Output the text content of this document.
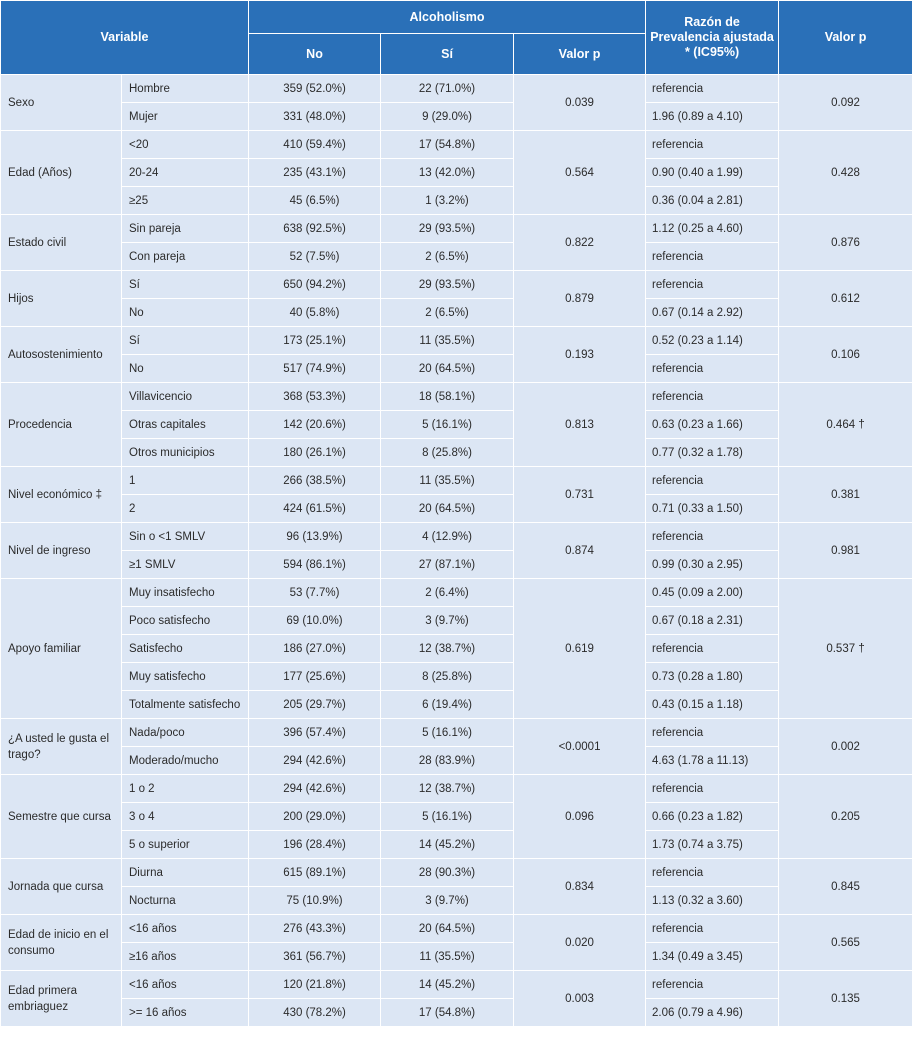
Variable		Alcoholismo			Razón de Prevalencia ajustada * (IC95%)	Valor p
		No	Sí	Valor p		
Sexo	Hombre	359 (52.0%)	22 (71.0%)	0.039	referencia	0.092
	Mujer	331 (48.0%)	9 (29.0%)		1.96 (0.89 a 4.10)	
Edad (Años)	<20	410 (59.4%)	17 (54.8%)	0.564	referencia	0.428
	20-24	235 (43.1%)	13 (42.0%)		0.90 (0.40 a 1.99)	
	≥25	45 (6.5%)	1 (3.2%)		0.36 (0.04 a 2.81)	
Estado civil	Sin pareja	638 (92.5%)	29 (93.5%)	0.822	1.12 (0.25 a 4.60)	0.876
	Con pareja	52 (7.5%)	2 (6.5%)		referencia	
Hijos	Sí	650 (94.2%)	29 (93.5%)	0.879	referencia	0.612
	No	40 (5.8%)	2 (6.5%)		0.67 (0.14 a 2.92)	
Autosostenimiento	Sí	173 (25.1%)	11 (35.5%)	0.193	0.52 (0.23 a 1.14)	0.106
	No	517 (74.9%)	20 (64.5%)		referencia	
Procedencia	Villavicencio	368 (53.3%)	18 (58.1%)	0.813	referencia	0.464 †
	Otras capitales	142 (20.6%)	5 (16.1%)		0.63 (0.23 a 1.66)	
	Otros municipios	180 (26.1%)	8 (25.8%)		0.77 (0.32 a 1.78)	
Nivel económico ‡	1	266 (38.5%)	11 (35.5%)	0.731	referencia	0.381
	2	424 (61.5%)	20 (64.5%)		0.71 (0.33 a 1.50)	
Nivel de ingreso	Sin o <1 SMLV	96 (13.9%)	4 (12.9%)	0.874	referencia	0.981
	≥1 SMLV	594 (86.1%)	27 (87.1%)		0.99 (0.30 a 2.95)	
Apoyo familiar	Muy insatisfecho	53 (7.7%)	2 (6.4%)	0.619	0.45 (0.09 a 2.00)	0.537 †
	Poco satisfecho	69 (10.0%)	3 (9.7%)		0.67 (0.18 a 2.31)	
	Satisfecho	186 (27.0%)	12 (38.7%)		referencia	
	Muy satisfecho	177 (25.6%)	8 (25.8%)		0.73 (0.28 a 1.80)	
	Totalmente satisfecho	205 (29.7%)	6 (19.4%)		0.43 (0.15 a 1.18)	
¿A usted le gusta el trago?	Nada/poco	396 (57.4%)	5 (16.1%)	<0.0001	referencia	0.002
	Moderado/mucho	294 (42.6%)	28 (83.9%)		4.63 (1.78 a 11.13)	
Semestre que cursa	1 o 2	294 (42.6%)	12 (38.7%)	0.096	referencia	0.205
	3 o 4	200 (29.0%)	5 (16.1%)		0.66 (0.23 a 1.82)	
	5 o superior	196 (28.4%)	14 (45.2%)		1.73 (0.74 a 3.75)	
Jornada que cursa	Diurna	615 (89.1%)	28 (90.3%)	0.834	referencia	0.845
	Nocturna	75 (10.9%)	3 (9.7%)		1.13 (0.32 a 3.60)	
Edad de inicio en el consumo	<16 años	276 (43.3%)	20 (64.5%)	0.020	referencia	0.565
	≥16 años	361 (56.7%)	11 (35.5%)		1.34 (0.49 a 3.45)	
Edad primera embriaguez	<16 años	120 (21.8%)	14 (45.2%)	0.003	referencia	0.135
	>= 16 años	430 (78.2%)	17 (54.8%)		2.06 (0.79 a 4.96)	
